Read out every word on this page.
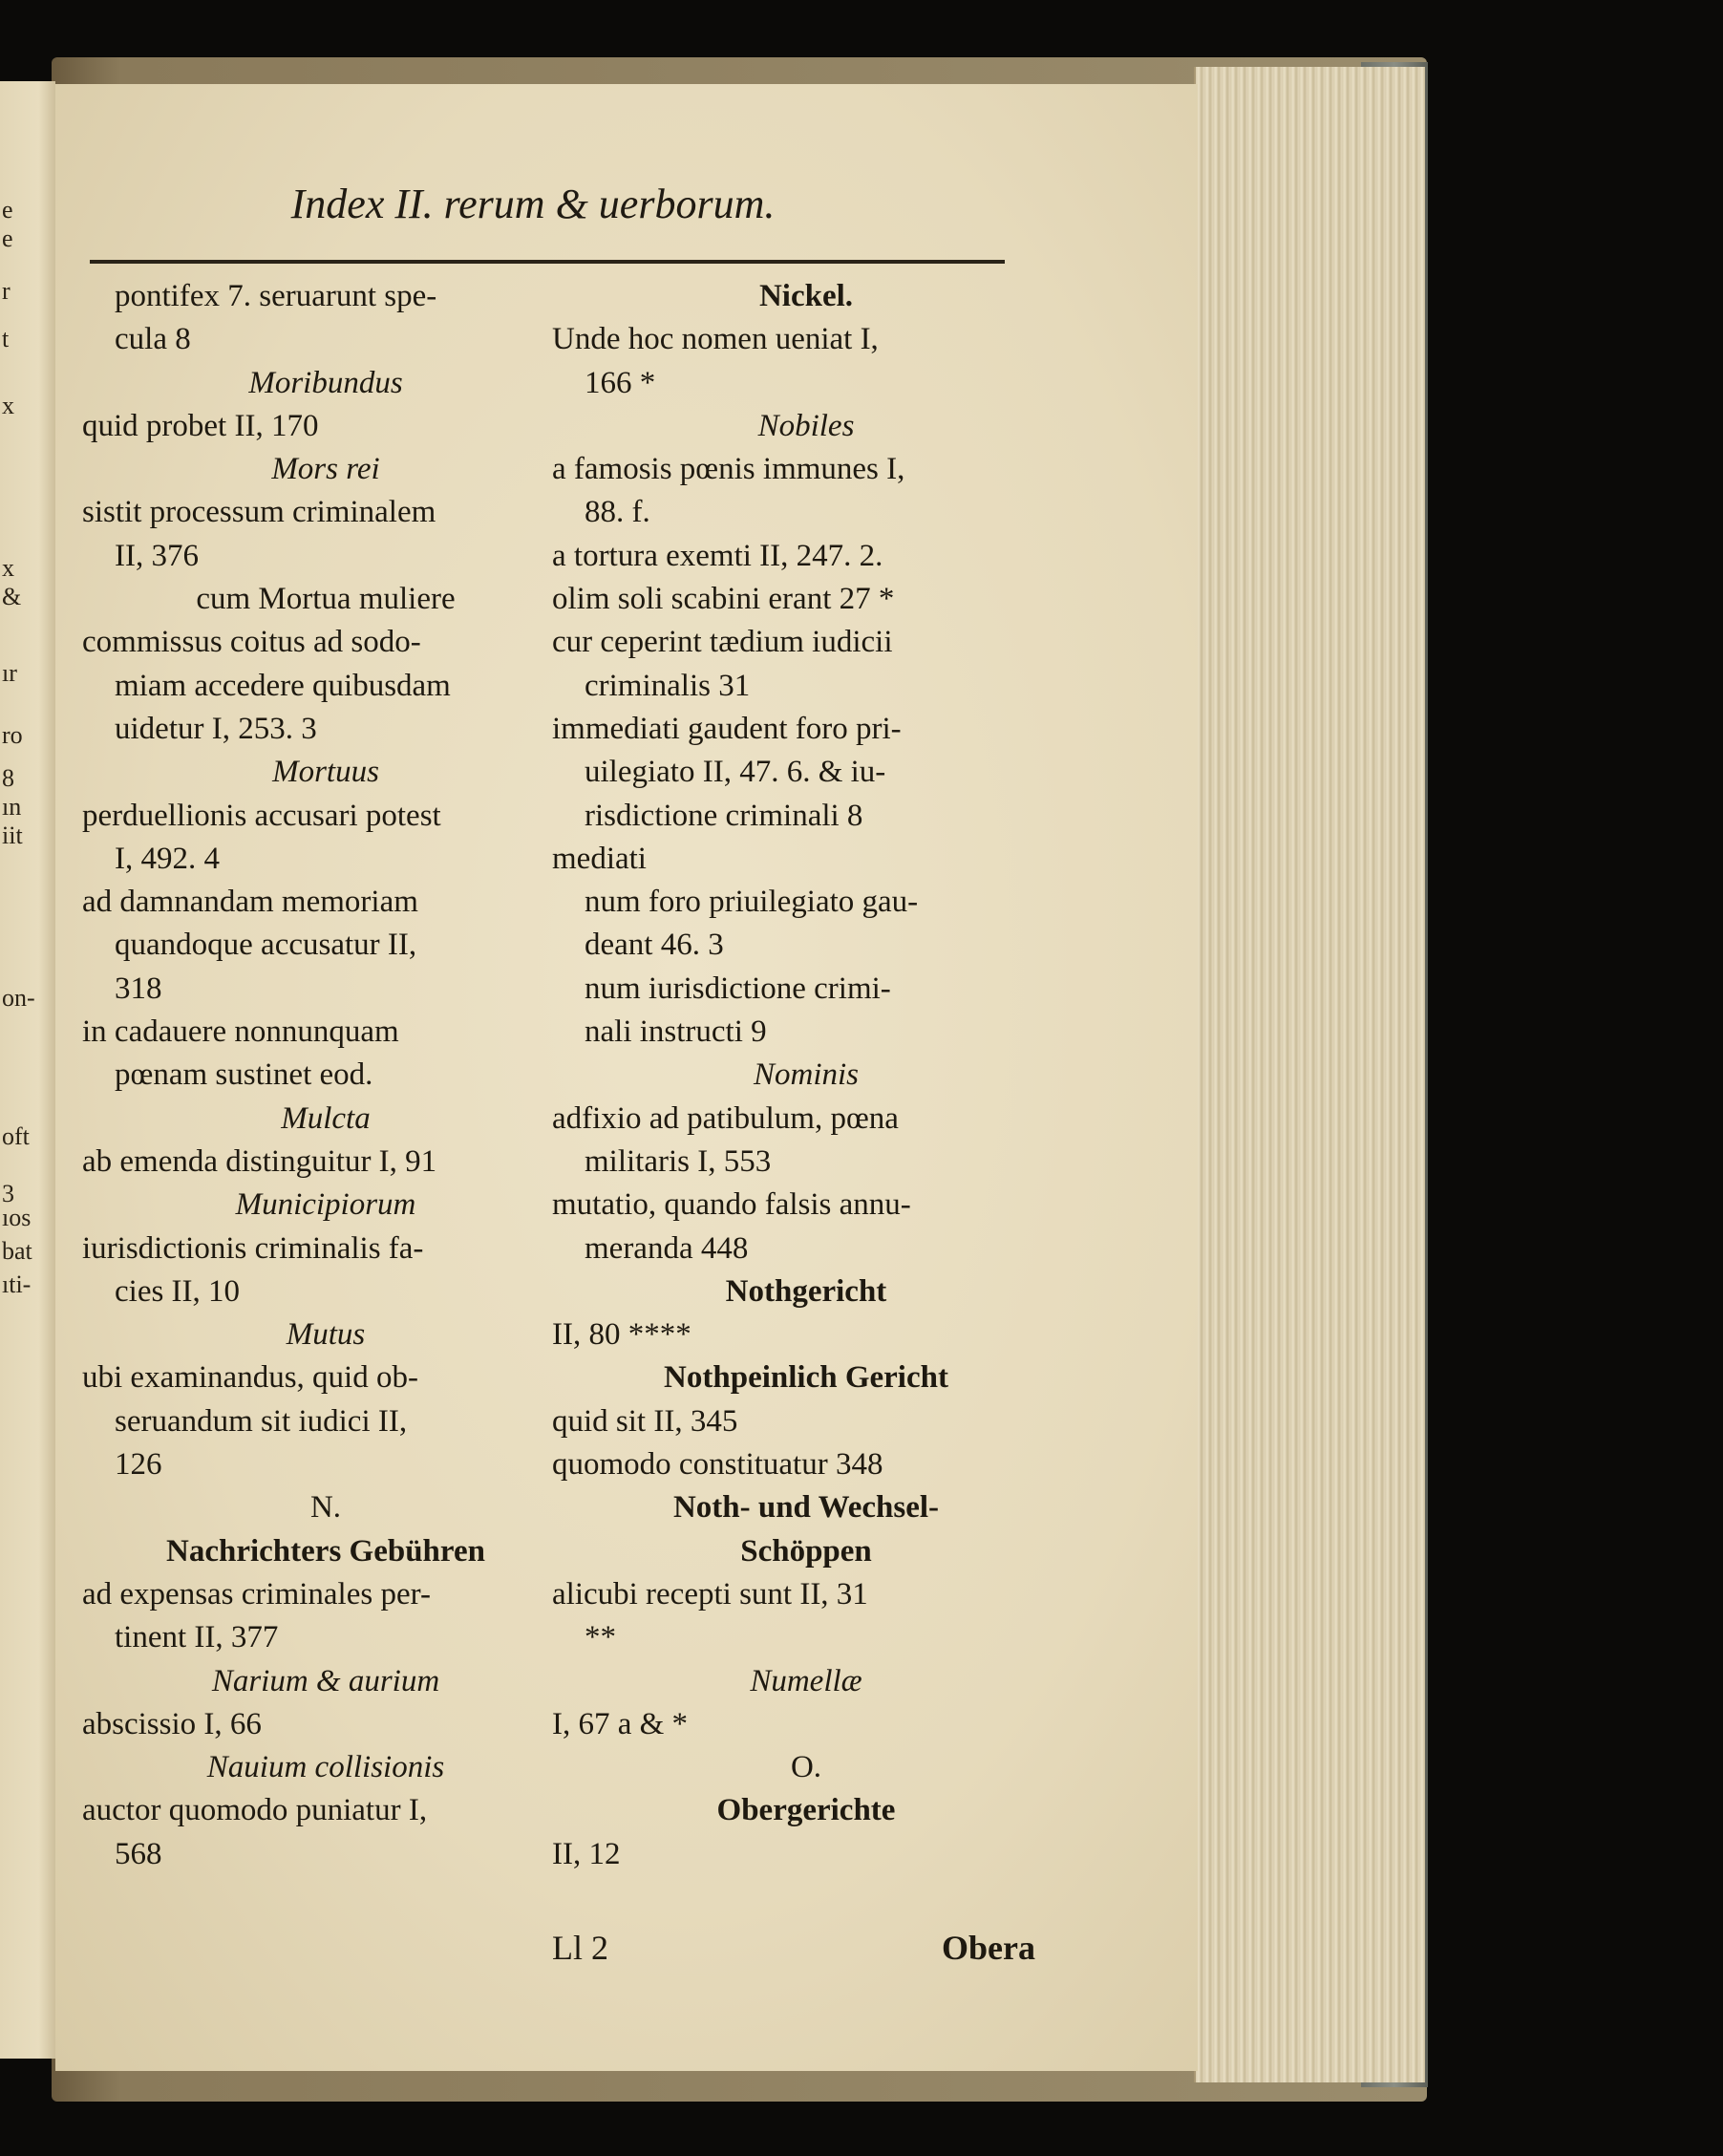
e
e
r
t
x
x
&
ır
ro
8
ın
iit
on-
oft
3
ıos
bat
ıti-
Index II. rerum & uerborum.
pontifex 7. seruarunt spe-
cula 8
Moribundus
quid probet II, 170
Mors rei
sistit processum criminalem
II, 376
cum Mortua muliere
commissus coitus ad sodo-
miam accedere quibusdam
uidetur I, 253. 3
Mortuus
perduellionis accusari potest
I, 492. 4
ad damnandam memoriam
quandoque accusatur II,
318
in cadauere nonnunquam
pœnam sustinet eod.
Mulcta
ab emenda distinguitur I, 91
Municipiorum
iurisdictionis criminalis fa-
cies II, 10
Mutus
ubi examinandus, quid ob-
seruandum sit iudici II,
126
N.
Nachrichters Gebühren
ad expensas criminales per-
tinent II, 377
Narium & aurium
abscissio I, 66
Nauium collisionis
auctor quomodo puniatur I,
568
Nickel.
Unde hoc nomen ueniat I,
166 *
Nobiles
a famosis pœnis immunes I,
88. f.
a tortura exemti II, 247. 2.
olim soli scabini erant 27 *
cur ceperint tædium iudicii
criminalis 31
immediati gaudent foro pri-
uilegiato II, 47. 6. & iu-
risdictione criminali 8
mediati
num foro priuilegiato gau-
deant 46. 3
num iurisdictione crimi-
nali instructi 9
Nominis
adfixio ad patibulum, pœna
militaris I, 553
mutatio, quando falsis annu-
meranda 448
Nothgericht
II, 80 ****
Nothpeinlich Gericht
quid sit II, 345
quomodo constituatur 348
Noth- und Wechsel-
Schöppen
alicubi recepti sunt II, 31
**
Numellæ
I, 67 a & *
O.
Obergerichte
II, 12
Ll 2	Obera
